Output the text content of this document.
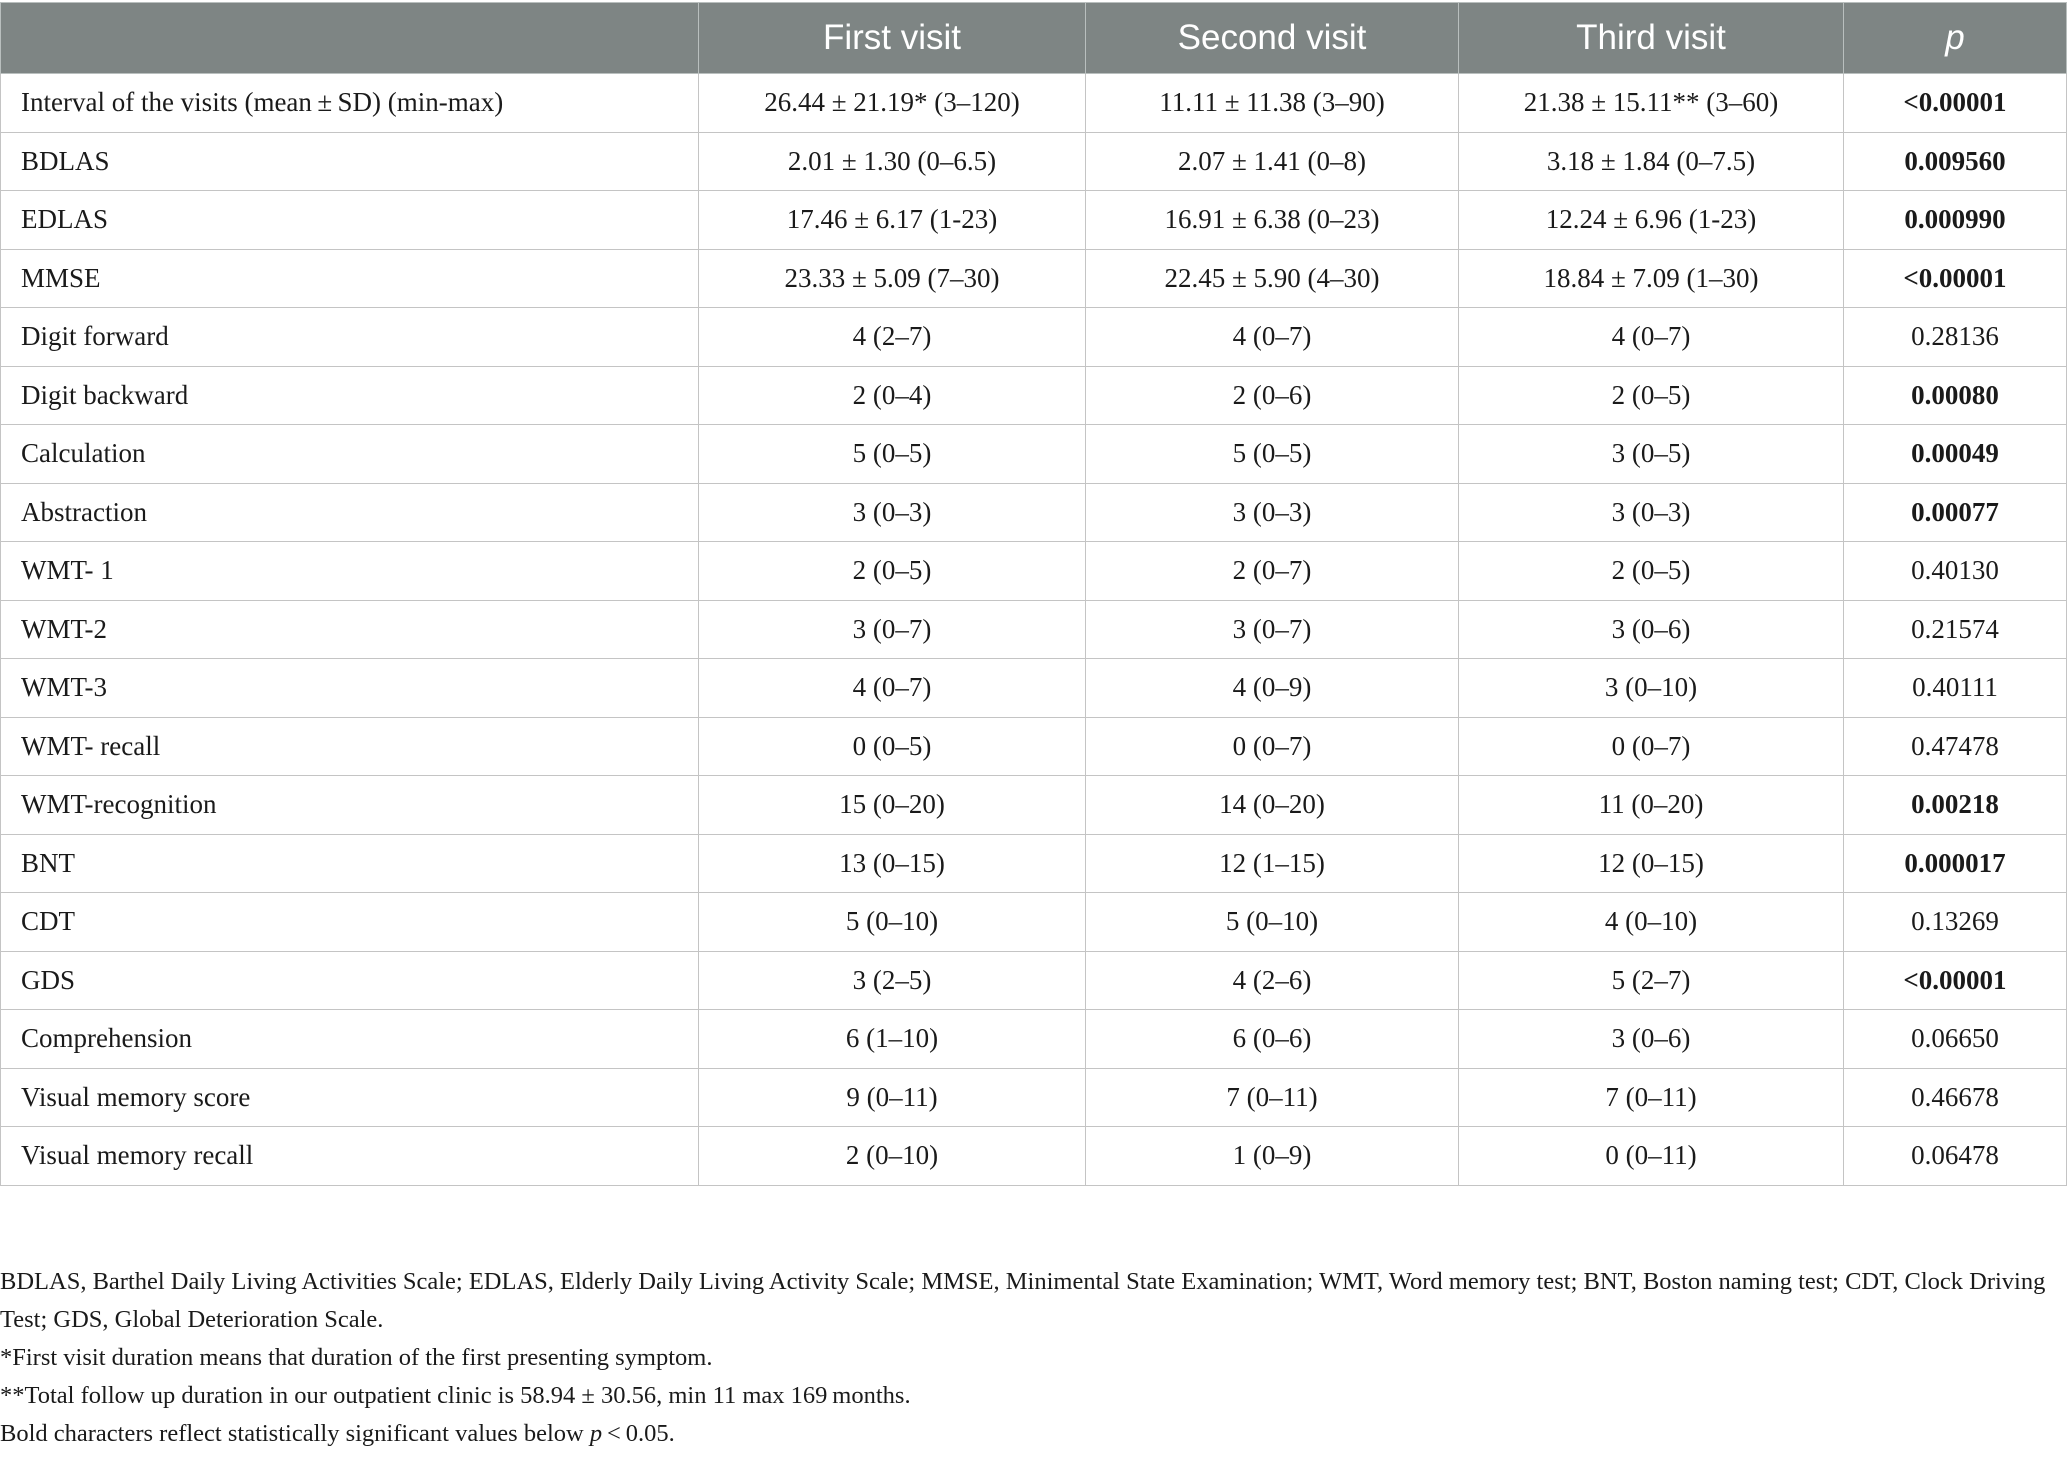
	First visit	Second visit	Third visit	p
Interval of the visits (mean ± SD) (min-max)	26.44 ± 21.19* (3–120)	11.11 ± 11.38 (3–90)	21.38 ± 15.11** (3–60)	<0.00001
BDLAS	2.01 ± 1.30 (0–6.5)	2.07 ± 1.41 (0–8)	3.18 ± 1.84 (0–7.5)	0.009560
EDLAS	17.46 ± 6.17 (1-23)	16.91 ± 6.38 (0–23)	12.24 ± 6.96 (1-23)	0.000990
MMSE	23.33 ± 5.09 (7–30)	22.45 ± 5.90 (4–30)	18.84 ± 7.09 (1–30)	<0.00001
Digit forward	4 (2–7)	4 (0–7)	4 (0–7)	0.28136
Digit backward	2 (0–4)	2 (0–6)	2 (0–5)	0.00080
Calculation	5 (0–5)	5 (0–5)	3 (0–5)	0.00049
Abstraction	3 (0–3)	3 (0–3)	3 (0–3)	0.00077
WMT- 1	2 (0–5)	2 (0–7)	2 (0–5)	0.40130
WMT-2	3 (0–7)	3 (0–7)	3 (0–6)	0.21574
WMT-3	4 (0–7)	4 (0–9)	3 (0–10)	0.40111
WMT- recall	0 (0–5)	0 (0–7)	0 (0–7)	0.47478
WMT-recognition	15 (0–20)	14 (0–20)	11 (0–20)	0.00218
BNT	13 (0–15)	12 (1–15)	12 (0–15)	0.000017
CDT	5 (0–10)	5 (0–10)	4 (0–10)	0.13269
GDS	3 (2–5)	4 (2–6)	5 (2–7)	<0.00001
Comprehension	6 (1–10)	6 (0–6)	3 (0–6)	0.06650
Visual memory score	9 (0–11)	7 (0–11)	7 (0–11)	0.46678
Visual memory recall	2 (0–10)	1 (0–9)	0 (0–11)	0.06478

BDLAS, Barthel Daily Living Activities Scale; EDLAS, Elderly Daily Living Activity Scale; MMSE, Minimental State Examination; WMT, Word memory test; BNT, Boston naming test; CDT, Clock Driving Test; GDS, Global Deterioration Scale.

*First visit duration means that duration of the first presenting symptom.

**Total follow up duration in our outpatient clinic is 58.94 ± 30.56, min 11 max 169 months.

Bold characters reflect statistically significant values below p < 0.05.
